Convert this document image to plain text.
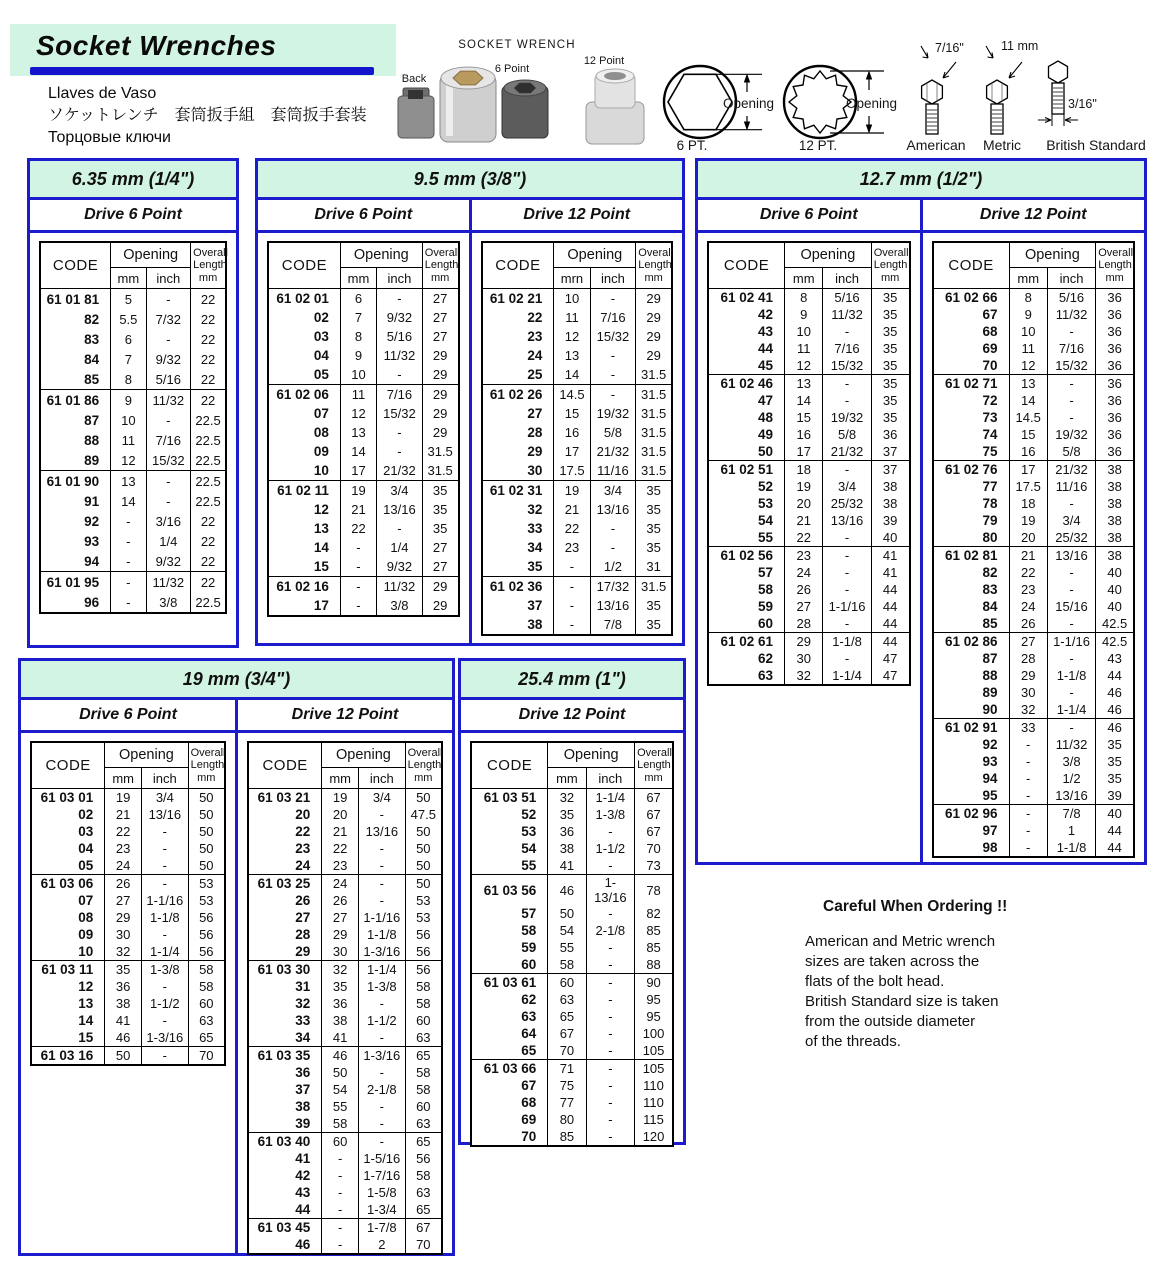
Socket Wrenches
Llaves de Vaso
ソケットレンチ　套筒扳手組　套筒扳手套装
Торцовые ключи
SOCKET WRENCH
Back
6 Point
12 Point
Opening
6 PT.
Opening
12 PT.
7/16"
American
11 mm
Metric
3/16"
British Standard
6.35 mm (1/4")
Drive 6 Point
CODE	Opening		Overall
Length
mm
	mm	inch	
61 01 81	5	-	22
82	5.5	7/32	22
83	6	-	22
84	7	9/32	22
85	8	5/16	22
61 01 86	9	11/32	22
87	10	-	22.5
88	11	7/16	22.5
89	12	15/32	22.5
61 01 90	13	-	22.5
91	14	-	22.5
92	-	3/16	22
93	-	1/4	22
94	-	9/32	22
61 01 95	-	11/32	22
96	-	3/8	22.5
9.5 mm (3/8")
Drive 6 Point	Drive 12 Point
CODE	Opening		Overall
Length
mm
	mm	inch	
61 02 01	6	-	27
02	7	9/32	27
03	8	5/16	27
04	9	11/32	29
05	10	-	29
61 02 06	11	7/16	29
07	12	15/32	29
08	13	-	29
09	14	-	31.5
10	17	21/32	31.5
61 02 11	19	3/4	35
12	21	13/16	35
13	22	-	35
14	-	1/4	27
15	-	9/32	27
61 02 16	-	11/32	29
17	-	3/8	29
CODE	Opening		Overall
Length
mm
	mrn	inch	
61 02 21	10	-	29
22	11	7/16	29
23	12	15/32	29
24	13	-	29
25	14	-	31.5
61 02 26	14.5	-	31.5
27	15	19/32	31.5
28	16	5/8	31.5
29	17	21/32	31.5
30	17.5	11/16	31.5
61 02 31	19	3/4	35
32	21	13/16	35
33	22	-	35
34	23	-	35
35	-	1/2	31
61 02 36	-	17/32	31.5
37	-	13/16	35
38	-	7/8	35
12.7 mm (1/2")
Drive 6 Point	Drive 12 Point
CODE	Opening		Overall
Length
mm
	mm	inch	
61 02 41	8	5/16	35
42	9	11/32	35
43	10	-	35
44	11	7/16	35
45	12	15/32	35
61 02 46	13	-	35
47	14	-	35
48	15	19/32	35
49	16	5/8	36
50	17	21/32	37
61 02 51	18	-	37
52	19	3/4	38
53	20	25/32	38
54	21	13/16	39
55	22	-	40
61 02 56	23	-	41
57	24	-	41
58	26	-	44
59	27	1-1/16	44
60	28	-	44
61 02 61	29	1-1/8	44
62	30	-	47
63	32	1-1/4	47
CODE	Opening		Overall
Length
mm
	mm	inch	
61 02 66	8	5/16	36
67	9	11/32	36
68	10	-	36
69	11	7/16	36
70	12	15/32	36
61 02 71	13	-	36
72	14	-	36
73	14.5	-	36
74	15	19/32	36
75	16	5/8	36
61 02 76	17	21/32	38
77	17.5	11/16	38
78	18	-	38
79	19	3/4	38
80	20	25/32	38
61 02 81	21	13/16	38
82	22	-	40
83	23	-	40
84	24	15/16	40
85	26	-	42.5
61 02 86	27	1-1/16	42.5
87	28	-	43
88	29	1-1/8	44
89	30	-	46
90	32	1-1/4	46
61 02 91	33	-	46
92	-	11/32	35
93	-	3/8	35
94	-	1/2	35
95	-	13/16	39
61 02 96	-	7/8	40
97	-	1	44
98	-	1-1/8	44
19 mm (3/4")
Drive 6 Point	Drive 12 Point
CODE	Opening		Overall
Length
mm
	mm	inch	
61 03 01	19	3/4	50
02	21	13/16	50
03	22	-	50
04	23	-	50
05	24	-	50
61 03 06	26	-	53
07	27	1-1/16	53
08	29	1-1/8	56
09	30	-	56
10	32	1-1/4	56
61 03 11	35	1-3/8	58
12	36	-	58
13	38	1-1/2	60
14	41	-	63
15	46	1-3/16	65
61 03 16	50	-	70
CODE	Opening		Overall
Length
mm
	mm	inch	
61 03 21	19	3/4	50
20	20	-	47.5
22	21	13/16	50
23	22	-	50
24	23	-	50
61 03 25	24	-	50
26	26	-	53
27	27	1-1/16	53
28	29	1-1/8	56
29	30	1-3/16	56
61 03 30	32	1-1/4	56
31	35	1-3/8	58
32	36	-	58
33	38	1-1/2	60
34	41	-	63
61 03 35	46	1-3/16	65
36	50	-	58
37	54	2-1/8	58
38	55	-	60
39	58	-	63
61 03 40	60	-	65
41	-	1-5/16	56
42	-	1-7/16	58
43	-	1-5/8	63
44	-	1-3/4	65
61 03 45	-	1-7/8	67
46	-	2	70
25.4 mm (1")
Drive 12 Point
CODE	Opening		Overall
Length
mm
	mm	inch	
61 03 51	32	1-1/4	67
52	35	1-3/8	67
53	36	-	67
54	38	1-1/2	70
55	41	-	73
61 03 56	46	1-13/16	78
57	50	-	82
58	54	2-1/8	85
59	55	-	85
60	58	-	88
61 03 61	60	-	90
62	63	-	95
63	65	-	95
64	67	-	100
65	70	-	105
61 03 66	71	-	105
67	75	-	110
68	77	-	110
69	80	-	115
70	85	-	120
Careful When Ordering !!
American and Metric wrench
sizes are taken across the
flats of the bolt head.
British Standard size is taken
from the outside diameter
of the threads.
